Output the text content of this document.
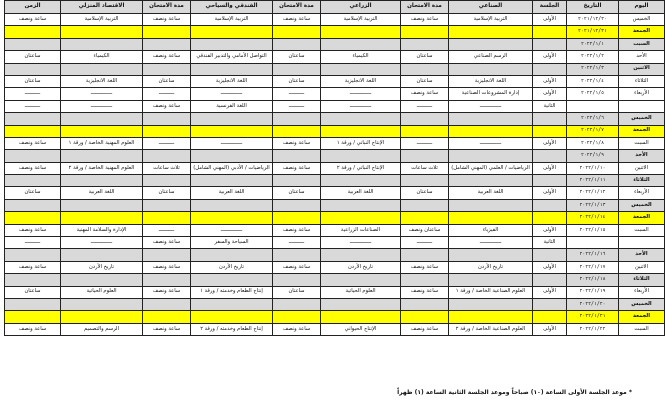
اليوم	التاريخ	الجلسة	الصناعي	مدة الامتحان	الزراعي	مدة الامتحان	الفندقي والسياحي	مدة الامتحان	الاقتصاد المنزلي	الزمن
الخميس	٢٠٢١/١٢/٣٠	الأولى	التربية الإسلامية	ساعة ونصف	التربية الإسلامية	ساعة ونصف	التربية الإسلامية	ساعة ونصف	التربية الإسلامية	ساعة ونصف
الجمعة	٢٠٢١/١٢/٣١									
السبت	٢٠٢٢/١/١									
الأحد	٢٠٢٢/١/٢	الأولى	الرسم الصناعي	ساعتان	الكيمياء	ساعتان	التواصل الأمامي والتدبير الفندقي	ساعة ونصف	الكيمياء	ساعتان
الاثنين	٢٠٢٢/١/٣									
الثلاثاء	٢٠٢٢/١/٤	الأولى	اللغة الانجليزية	ساعتان	اللغة الانجليزية	ساعتان	اللغة الانجليزية	ساعتان	اللغة الانجليزية	ساعتان
الأربعاء	٢٠٢٢/١/٥	الأولى	إدارة المشروعات الصناعية	ساعة ونصف	ــــــــــــــ	ــــــــــ	ــــــــــــــ	ــــــــــ	ــــــــــــــ	ــــــــــ
		الثانية	ــــــــــــــ	ــــــــــ	ــــــــــــــ	ــــــــــ	اللغة الفرنسية	ساعة ونصف	ــــــــــــــ	ــــــــــ
الخميس	٢٠٢٢/١/٦									
الجمعة	٢٠٢٢/١/٧									
السبت	٢٠٢٢/١/٨	الأولى	ــــــــــــــ	ــــــــــ	الإنتاج النباتي / ورقة ١	ساعة ونصف	ــــــــــــــ	ــــــــــ	العلوم المهنية الخاصة / ورقة ١	ساعة ونصف
الأحد	٢٠٢٢/١/٩									
الاثنين	٢٠٢٢/١/١٠	الأولى	الرياضيات / العلمي (المهني الشامل)	ثلاث ساعات	الإنتاج النباتي / ورقة ٢	ساعة ونصف	الرياضيات / الأدبي (المهني الشامل)	ثلاث ساعات	العلوم المهنية الخاصة / ورقة ٢	ساعة ونصف
الثلاثاء	٢٠٢٢/١/١١									
الأربعاء	٢٠٢٢/١/١٢	الأولى	اللغة العربية	ساعتان	اللغة العربية	ساعتان	اللغة العربية	ساعتان	اللغة العربية	ساعتان
الخميس	٢٠٢٢/١/١٣									
الجمعة	٢٠٢٢/١/١٤									
السبت	٢٠٢٢/١/١٥	الأولى	الفيزياء	ساعتان ونصف	الصناعات الزراعية	ساعة ونصف	ــــــــــــــ	ــــــــــ	الإدارة والسلامة المهنية	ساعة ونصف
		الثانية	ــــــــــــــ	ــــــــــ	ــــــــــــــ	ــــــــــ	السياحة والسفر	ساعة ونصف	ــــــــــــــ	ــــــــــ
الأحد	٢٠٢٢/١/١٦									
الاثنين	٢٠٢٢/١/١٧	الأولى	تاريخ الأردن	ساعة ونصف	تاريخ الأردن	ساعة ونصف	تاريخ الأردن	ساعة ونصف	تاريخ الأردن	ساعة ونصف
الثلاثاء	٢٠٢٢/١/١٨									
الأربعاء	٢٠٢٢/١/١٩	الأولى	العلوم الصناعية الخاصة / ورقة ١	ساعة ونصف	العلوم الحياتية	ساعتان	إنتاج الطعام وخدمته / ورقة ١	ساعة ونصف	العلوم الحياتية	ساعتان
الخميس	٢٠٢٢/١/٢٠									
الجمعة	٢٠٢٢/١/٢١									
السبت	٢٠٢٢/١/٢٢	الأولى	العلوم الصناعية الخاصة / ورقة ٢	ساعة ونصف	الإنتاج الحيواني	ساعة ونصف	إنتاج الطعام وخدمته / ورقة ٢	ساعة ونصف	الرسم والتصميم	ساعة ونصف
* موعد الجلسة الأولى الساعة (١٠) صباحاً وموعد الجلسة الثانية الساعة (١) ظهراً
